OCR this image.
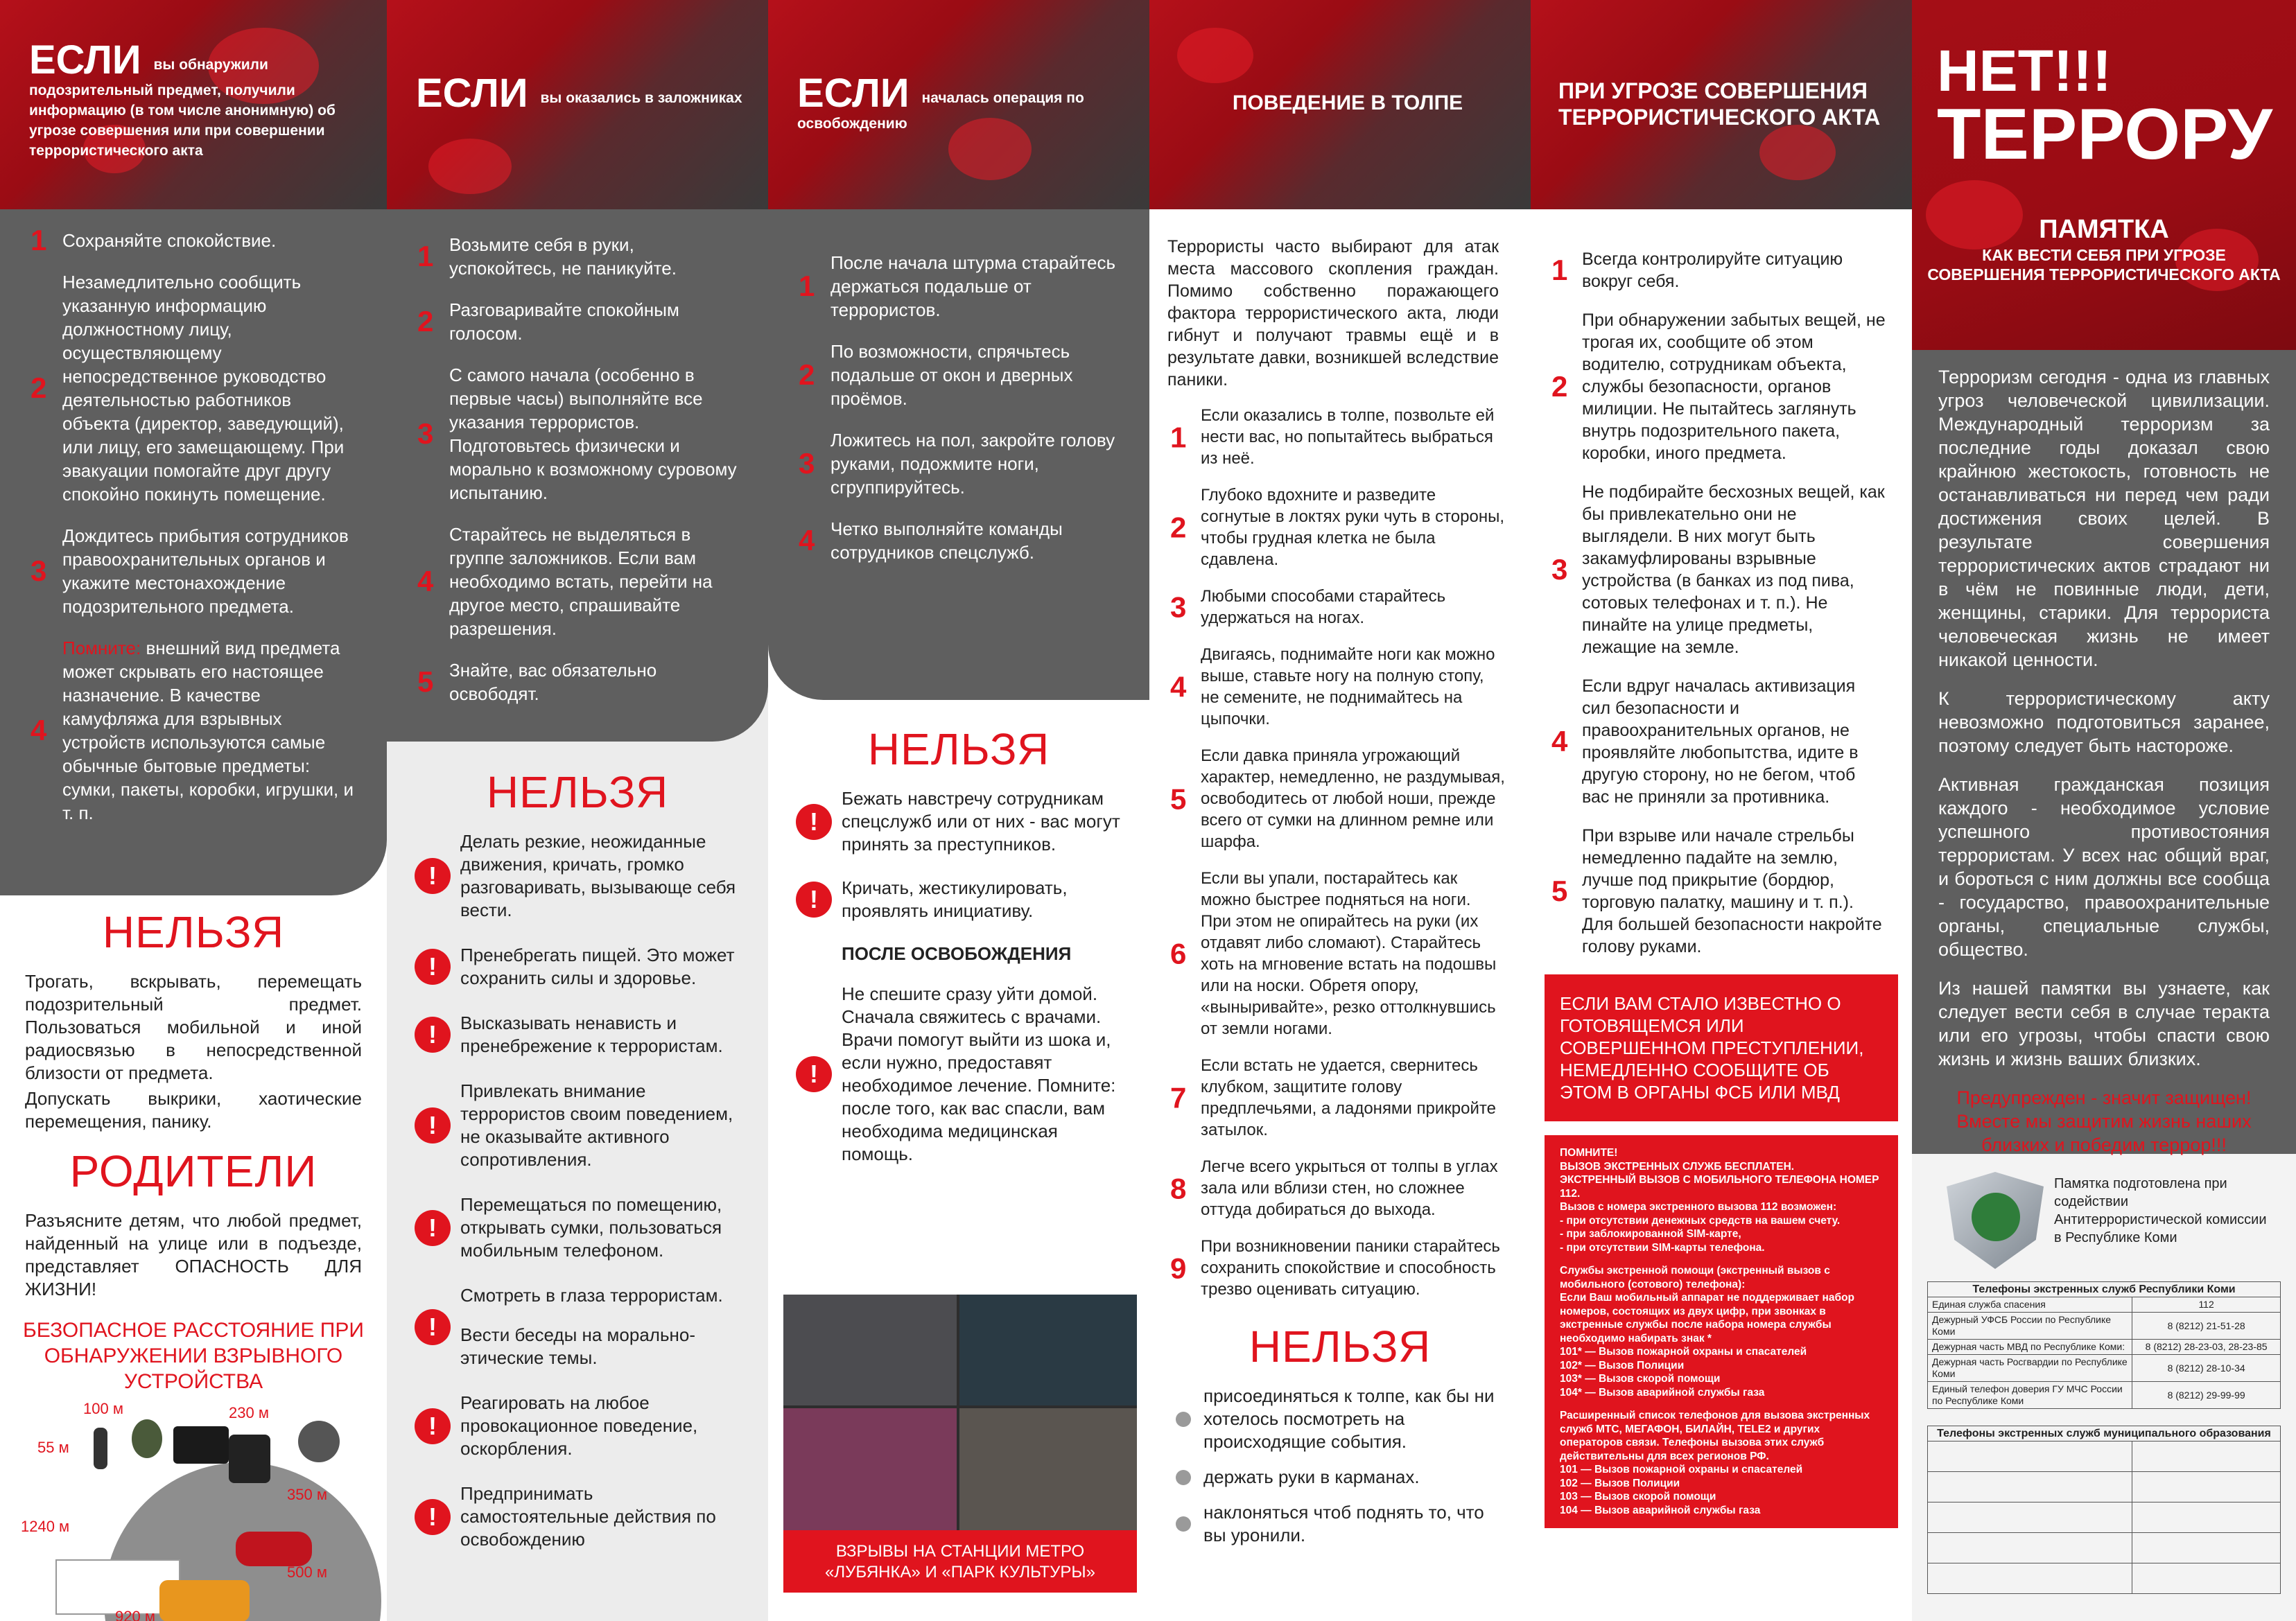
ЕСЛИ вы обнаружили подозрительный предмет, получили информацию (в том числе анонимную) об угрозе совершения или при совершении террористического акта
1 Сохраняйте спокойствие.

2

Незамедлительно сообщить указанную информацию должностному лицу, осуществляющему непосредственное руководство деятельностью работников объекта (директор, заведующий), или лицу, его замещающему. При эвакуации помогайте друг другу спокойно покинуть помещение.

3

Дождитесь прибытия сотрудников правоохранительных органов и укажите местонахождение подозрительного предмета.

4

Помните: внешний вид предмета может скрывать его настоящее назначение. В качестве камуфляжа для взрывных устройств используются самые обычные бытовые предметы: сумки, пакеты, коробки, игрушки, и т. п.

НЕЛЬЗЯ
Трогать, вскрывать, перемещать подозрительный предмет. Пользоваться мобильной и иной радиосвязью в непосредственной близости от предмета.
Допускать выкрики, хаотические перемещения, панику.
РОДИТЕЛИ
Разъясните детям, что любой предмет, найденный на улице или в подъезде, представляет ОПАСНОСТЬ ДЛЯ ЖИЗНИ!
БЕЗОПАСНОЕ РАССТОЯНИЕ ПРИ ОБНАРУЖЕНИИ ВЗРЫВНОГО УСТРОЙСТВА
100 м	230 м
55 м
350 м
1240 м
500 м
920 м
ЕСЛИ вы оказались в заложниках
1 Возьмите себя в руки, успокойтесь, не паникуйте.

2 Разговаривайте спокойным голосом.

3

С самого начала (особенно в первые часы) выполняйте все указания террористов. Подготовьтесь физически и морально к возможному суровому испытанию.

4

Старайтесь не выделяться в группе заложников. Если вам необходимо встать, перейти на другое место, спрашивайте разрешения.

5 Знайте, вас обязательно освободят.

НЕЛЬЗЯ
!

Делать резкие, неожиданные движения, кричать, громко разговаривать, вызывающе себя вести.

!	Пренебрегать пищей. Это может сохранить силы и здоровье.

!	Высказывать ненависть и пренебрежение к террористам.

!

Привлекать внимание террористов своим поведением, не оказывайте активного сопротивления.

!

Перемещаться по помещению, открывать сумки, пользоваться мобильным телефоном.

!

Смотреть в глаза террористам.

Вести беседы на морально-этические темы.

!

Реагировать на любое провокационное поведение, оскорбления.

!

Предпринимать самостоятельные действия по освобождению

ЕСЛИ началась операция по освобождению
1

После начала штурма старайтесь держаться подальше от террористов.

2

По возможности, спрячьтесь подальше от окон и дверных проёмов.

3

Ложитесь на пол, закройте голову руками, подожмите ноги, сгруппируйтесь.

4 Четко выполняйте команды сотрудников спецслужб.

НЕЛЬЗЯ
!

Бежать навстречу сотрудникам спецслужб или от них - вас могут принять за преступников.

!	Кричать, жестикулировать, проявлять инициативу.

ПОСЛЕ ОСВОБОЖДЕНИЯ
!
Не спешите сразу уйти домой. Сначала свяжитесь с врачами. Врачи помогут выйти из шока и, если нужно, предоставят необходимое лечение. Помните: после того, как вас спасли, вам необходима медицинская помощь.
ВЗРЫВЫ НА СТАНЦИИ МЕТРО «ЛУБЯНКА» И «ПАРК КУЛЬТУРЫ»
ПОВЕДЕНИЕ В ТОЛПЕ
Террористы часто выбирают для атак места массового скопления граждан. Помимо собственно поражающего фактора террористического акта, люди гибнут и получают травмы ещё и в результате давки, возникшей вследствие паники.
1

Если оказались в толпе, позвольте ей нести вас, но попытайтесь выбраться из неё.

2

Глубоко вдохните и разведите согнутые в локтях руки чуть в стороны, чтобы грудная клетка не была сдавлена.

3 Любыми способами старайтесь удержаться на ногах.

4

Двигаясь, поднимайте ноги как можно выше, ставьте ногу на полную стопу, не семените, не поднимайтесь на цыпочки.

5

Если давка приняла угрожающий характер, немедленно, не раздумывая, освободитесь от любой ноши, прежде всего от сумки на длинном ремне или шарфа.

6

Если вы упали, постарайтесь как можно быстрее подняться на ноги. При этом не опирайтесь на руки (их отдавят либо сломают). Старайтесь хоть на мгновение встать на подошвы или на носки. Обретя опору, «выныривайте», резко оттолкнувшись от земли ногами.

7

Если встать не удается, свернитесь клубком, защитите голову предплечьями, а ладонями прикройте затылок.

8

Легче всего укрыться от толпы в углах зала или вблизи стен, но сложнее оттуда добираться до выхода.

9

При возникновении паники старайтесь сохранить спокойствие и способность трезво оценивать ситуацию.

НЕЛЬЗЯ
присоединяться к толпе, как бы ни хотелось посмотреть на происходящие события.
держать руки в карманах.
наклоняться чтоб поднять то, что вы уронили.
ПРИ УГРОЗЕ СОВЕРШЕНИЯ ТЕРРОРИСТИЧЕСКОГО АКТА
1 Всегда контролируйте ситуацию вокруг себя.

2

При обнаружении забытых вещей, не трогая их, сообщите об этом водителю, сотрудникам объектa, службы безопасности, органов милиции. Не пытайтесь заглянуть внутрь подозрительного пакета, коробки, иного предмета.

3

Не подбирайте бесхозных вещей, как бы привлекательно они не выглядели. В них могут быть закамуфлированы взрывные устройства (в банках из под пива, сотовых телефонах и т. п.). Не пинайте на улице предметы, лежащие на земле.

4

Если вдруг началась активизация сил безопасности и правоохранительных органов, не проявляйте любопытства, идите в другую сторону, но не бегом, чтоб вас не приняли за противника.

5

При взрыве или начале стрельбы немедленно падайте на землю, лучше под прикрытие (бордюр, торговую палатку, машину и т. п.). Для большей безопасности накройте голову руками.

ЕСЛИ ВАМ СТАЛО ИЗВЕСТНО О ГОТОВЯЩЕМСЯ ИЛИ СОВЕРШЕННОМ ПРЕСТУПЛЕНИИ, НЕМЕДЛЕННО СООБЩИТЕ ОБ ЭТОМ В ОРГАНЫ ФСБ ИЛИ МВД
ПОМНИТЕ!
ВЫЗОВ ЭКСТРЕННЫХ СЛУЖБ БЕСПЛАТЕН.
ЭКСТРЕННЫЙ ВЫЗОВ С МОБИЛЬНОГО ТЕЛЕФОНА НОМЕР 112.
Вызов с номера экстренного вызова 112 возможен:
- при отсутствии денежных средств на вашем счету.
- при заблокированной SIM-карте,
- при отсутствии SIM-карты телефона.
Службы экстренной помощи (экстренный вызов с мобильного (сотового) телефона):
Если Ваш мобильный аппарат не поддерживает набор номеров, состоящих из двух цифр, при звонках в экстренные службы после набора номера службы необходимо набирать знак *
101* — Вызов пожарной охраны и спасателей
102* — Вызов Полиции
103* — Вызов скорой помощи
104* — Вызов аварийной службы газа
Расширенный список телефонов для вызова экстренных служб МТС, МЕГАФОН, БИЛАЙН, TELE2 и других операторов связи. Телефоны вызова этих служб действительны для всех регионов РФ.
101 — Вызов пожарной охраны и спасателей
102 — Вызов Полиции
103 — Вызов скорой помощи
104 — Вызов аварийной службы газа
НЕТ!!!
ТЕРРОРУ
ПАМЯТКА
КАК ВЕСТИ СЕБЯ ПРИ УГРОЗЕ СОВЕРШЕНИЯ ТЕРРОРИСТИЧЕСКОГО АКТА

Терроризм сегодня - одна из главных угроз человеческой цивилизации. Международный терроризм за последние годы доказал свою крайнюю жестокость, готовность не останавливаться ни перед чем ради достижения своих целей. В результате совершения террористических актов страдают ни в чём не повинные люди, дети, женщины, старики. Для террориста человеческая жизнь не имеет никакой ценности.

К террористическому акту невозможно подготовиться заранее, поэтому следует быть настороже.

Активная гражданская позиция каждого - необходимое условие успешного противостояния террористам. У всех нас общий враг, и бороться с ним должны все сообща - государство, правоохранительные органы, специальные службы, общество.

Из нашей памятки вы узнаете, как следует вести себя в случае теракта или его угрозы, чтобы спасти свою жизнь и жизнь ваших близких.

Предупрежден - значит защищен! Вместе мы защитим жизнь наших близких и победим террор!!!
Памятка подготовлена при содействии Антитеррористической комиссии в Республике Коми
Телефоны экстренных служб Республики Коми	
Единая служба спасения	112
Дежурный УФСБ России по Республике Коми	8 (8212) 21-51-28
Дежурная часть МВД по Республике Коми:	8 (8212) 28-23-03, 28-23-85
Дежурная часть Росгвардии по Республике Коми	8 (8212) 28-10-34
Единый телефон доверия ГУ МЧС России по Республике Коми	8 (8212) 29-99-99
Телефоны экстренных служб муниципального образования	
